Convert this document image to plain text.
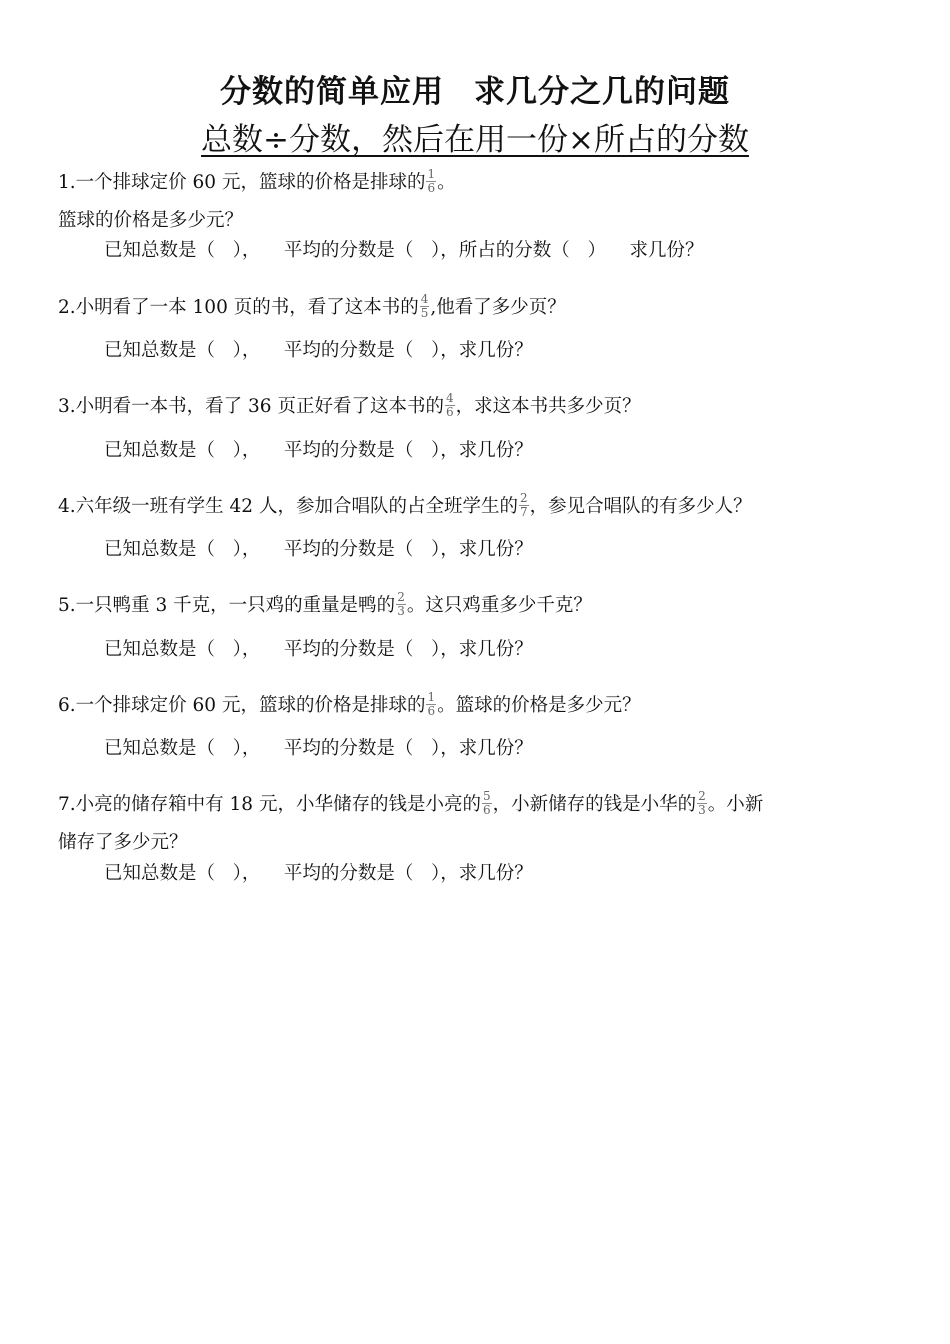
分数的简单应用 求几分之几的问题
总数÷分数，然后在用一份×所占的分数
1.一个排球定价 60 元，篮球的价格是排球的 $\frac{1}{6}$ 。
篮球的价格是多少元？
已知总数是（   ），    平均的分数是（   ），所占的分数（   ）    求几份？
2.小明看了一本 100 页的书，看了这本书的 $\frac{4}{5}$ ,他看了多少页？
已知总数是（   ），    平均的分数是（   ），求几份？
3.小明看一本书，看了 36 页正好看了这本书的 $\frac{4}{6}$ ，求这本书共多少页？
已知总数是（   ），    平均的分数是（   ），求几份？
4.六年级一班有学生 42 人，参加合唱队的占全班学生的 $\frac{2}{7}$ ，参见合唱队的有多少人？
已知总数是（   ），    平均的分数是（   ），求几份？
5.一只鸭重 3 千克，一只鸡的重量是鸭的 $\frac{2}{3}$ 。这只鸡重多少千克？
已知总数是（   ），    平均的分数是（   ），求几份？
6.一个排球定价 60 元，篮球的价格是排球的 $\frac{1}{6}$ 。篮球的价格是多少元？
已知总数是（   ），    平均的分数是（   ），求几份？
7.小亮的储存箱中有 18 元，小华储存的钱是小亮的 $\frac{5}{6}$ ，小新储存的钱是小华的 $\frac{2}{3}$ 。小新
储存了多少元？
已知总数是（   ），    平均的分数是（   ），求几份？
